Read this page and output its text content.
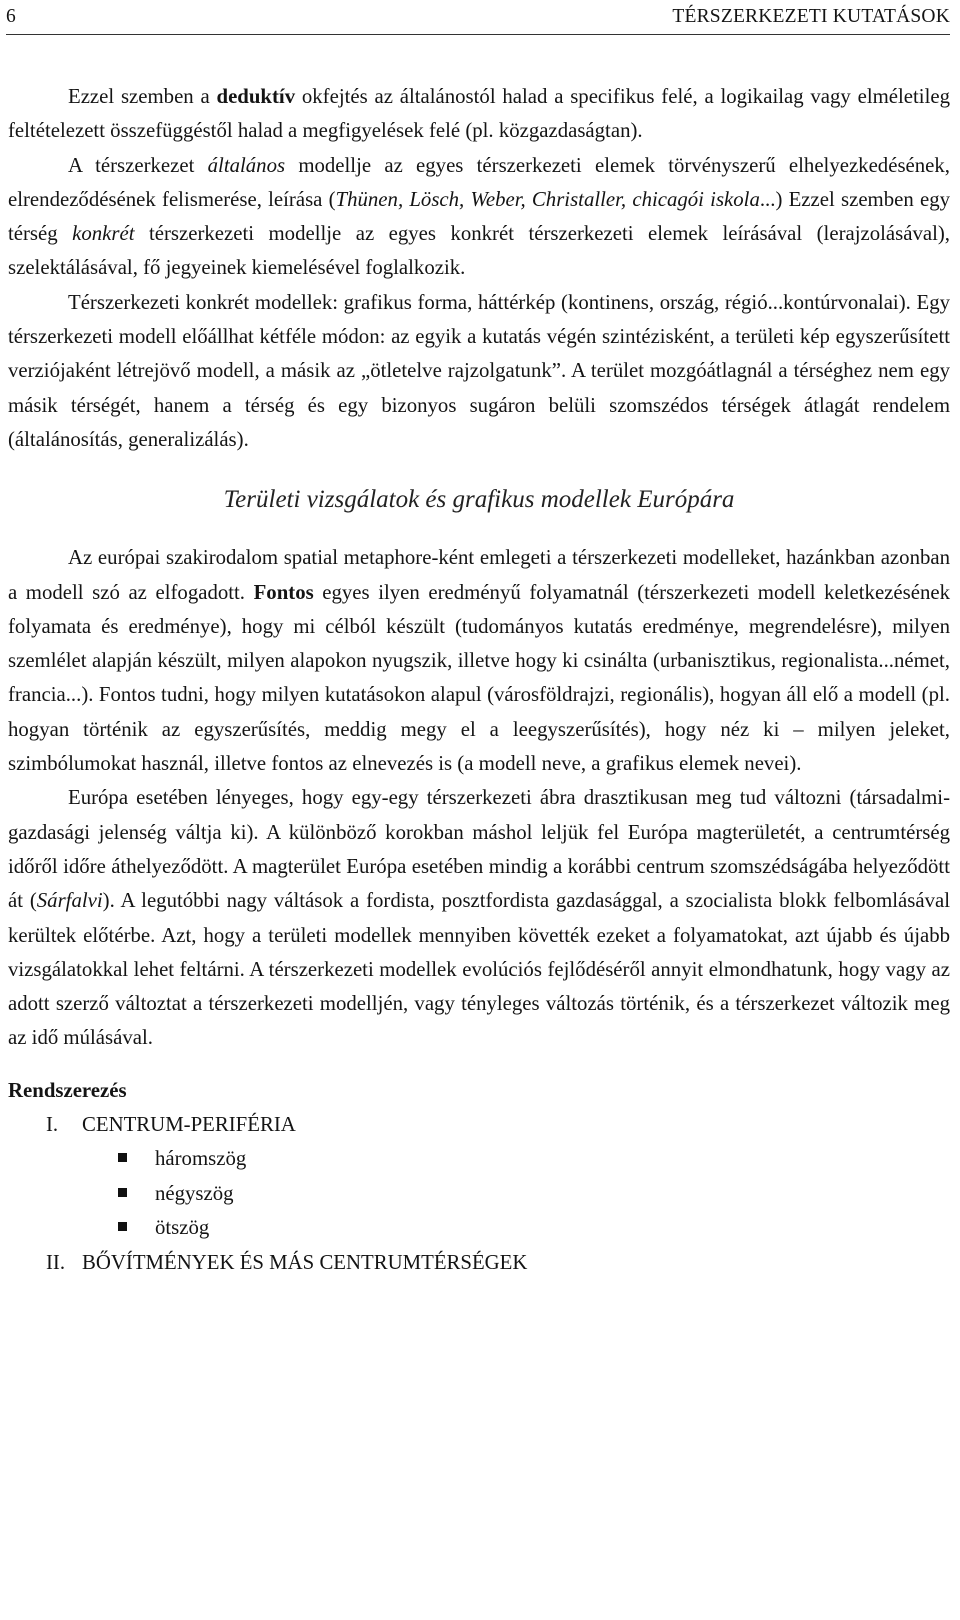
6	TÉRSZERKEZETI KUTATÁSOK

Ezzel szemben a deduktív okfejtés az általánostól halad a specifikus felé, a logikailag vagy elméletileg feltételezett összefüggéstől halad a megfigyelések felé (pl. közgazdaságtan).

A térszerkezet általános modellje az egyes térszerkezeti elemek törvényszerű elhelyezkedésének, elrendeződésének felismerése, leírása (Thünen, Lösch, Weber, Christaller, chicagói iskola...) Ezzel szemben egy térség konkrét térszerkezeti modellje az egyes konkrét térszerkezeti elemek leírásával (lerajzolásával), szelektálásával, fő jegyeinek kiemelésével foglalkozik.

Térszerkezeti konkrét modellek: grafikus forma, háttérkép (kontinens, ország, régió...kontúrvonalai). Egy térszerkezeti modell előállhat kétféle módon: az egyik a kutatás végén szintézisként, a területi kép egyszerűsített verziójaként létrejövő modell, a másik az „ötletelve rajzolgatunk”. A terület mozgóátlagnál a térséghez nem egy másik térségét, hanem a térség és egy bizonyos sugáron belüli szomszédos térségek átlagát rendelem (általánosítás, generalizálás).

Területi vizsgálatok és grafikus modellek Európára

Az európai szakirodalom spatial metaphore-ként emlegeti a térszerkezeti modelleket, hazánkban azonban a modell szó az elfogadott. Fontos egyes ilyen eredményű folyamatnál (térszerkezeti modell keletkezésének folyamata és eredménye), hogy mi célból készült (tudományos kutatás eredménye, megrendelésre), milyen szemlélet alapján készült, milyen alapokon nyugszik, illetve hogy ki csinálta (urbanisztikus, regionalista...német, francia...). Fontos tudni, hogy milyen kutatásokon alapul (városföldrajzi, regionális), hogyan áll elő a modell (pl. hogyan történik az egyszerűsítés, meddig megy el a leegyszerűsítés), hogy néz ki – milyen jeleket, szimbólumokat használ, illetve fontos az elnevezés is (a modell neve, a grafikus elemek nevei).

Európa esetében lényeges, hogy egy-egy térszerkezeti ábra drasztikusan meg tud változni (társadalmi-gazdasági jelenség váltja ki). A különböző korokban máshol leljük fel Európa magterületét, a centrumtérség időről időre áthelyeződött. A magterület Európa esetében mindig a korábbi centrum szomszédságába helyeződött át (Sárfalvi). A legutóbbi nagy váltások a fordista, posztfordista gazdasággal, a szocialista blokk felbomlásával kerültek előtérbe. Azt, hogy a területi modellek mennyiben követték ezeket a folyamatokat, azt újabb és újabb vizsgálatokkal lehet feltárni. A térszerkezeti modellek evolúciós fejlődéséről annyit elmondhatunk, hogy vagy az adott szerző változtat a térszerkezeti modelljén, vagy tényleges változás történik, és a térszerkezet változik meg az idő múlásával.

Rendszerezés

I. CENTRUM-PERIFÉRIA
háromszög
négyszög
ötszög
II. BŐVÍTMÉNYEK ÉS MÁS CENTRUMTÉRSÉGEK
